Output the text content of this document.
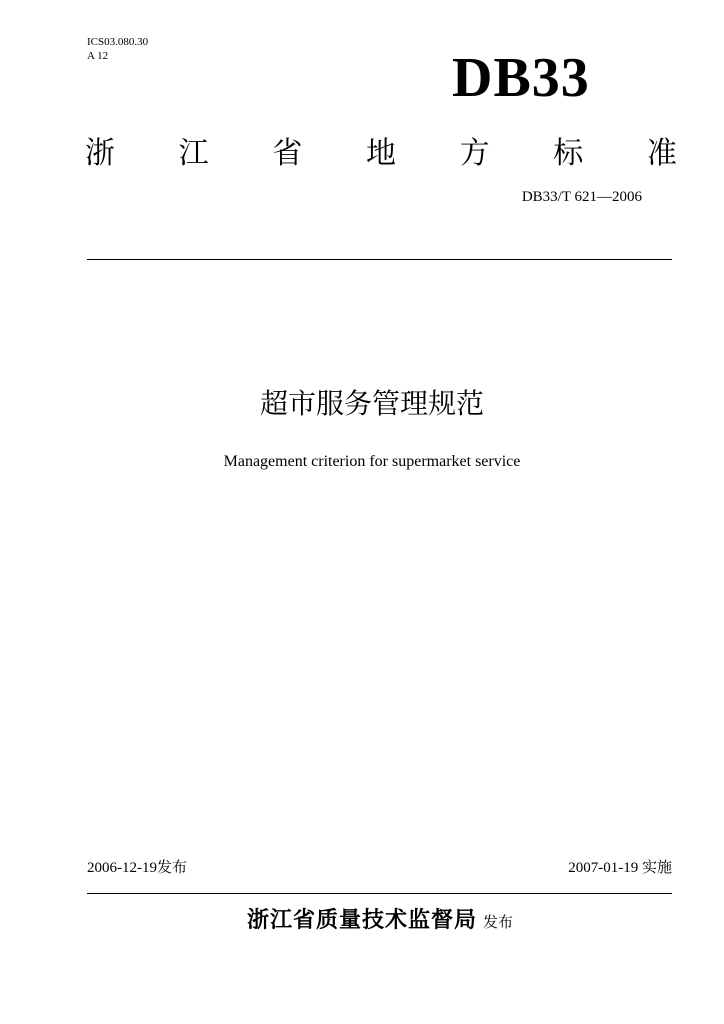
ICS03.080.30
A 12	DB33
浙 江 省 地 方 标 准
DB33/T 621—2006
超市服务管理规范
Management criterion for supermarket service
2006-12-19发布	2007-01-19 实施
浙江省质量技术监督局 发布
